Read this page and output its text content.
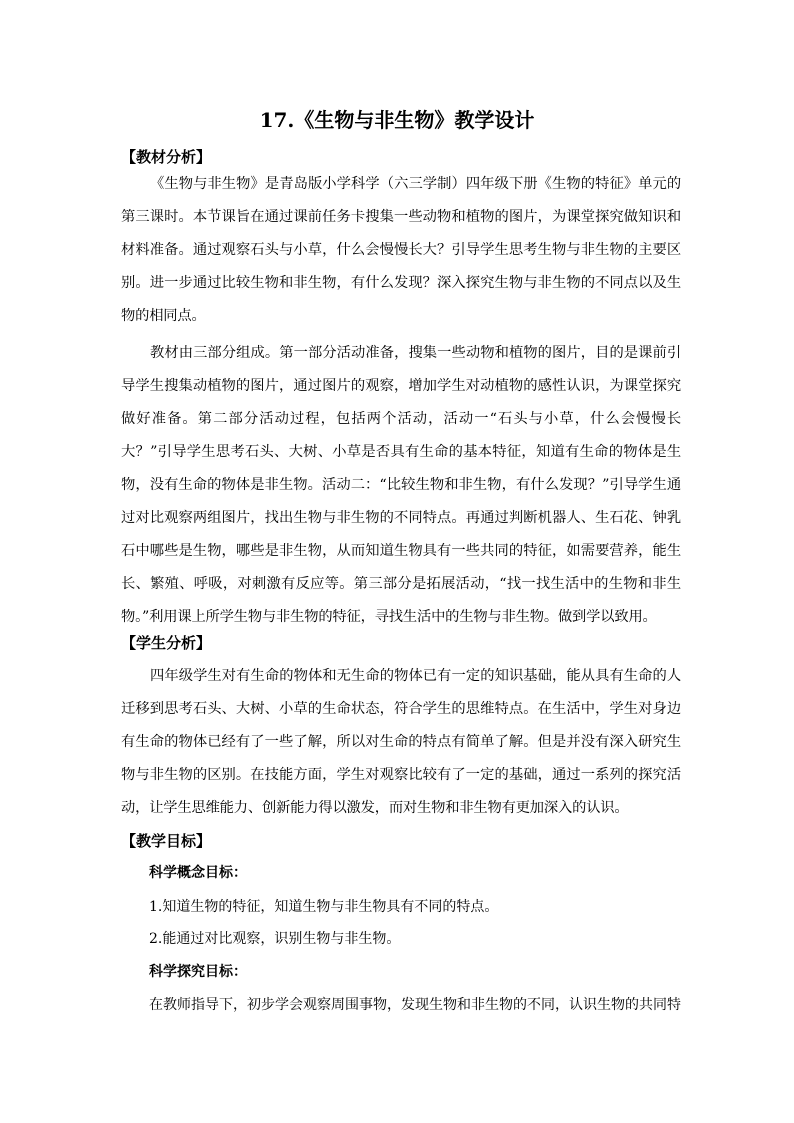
17.《生物与非生物》教学设计
【教材分析】
《生物与非生物》是青岛版小学科学（六三学制）四年级下册《生物的特征》单元的第三课时。本节课旨在通过课前任务卡搜集一些动物和植物的图片，为课堂探究做知识和材料准备。通过观察石头与小草，什么会慢慢长大？引导学生思考生物与非生物的主要区别。进一步通过比较生物和非生物，有什么发现？深入探究生物与非生物的不同点以及生物的相同点。
教材由三部分组成。第一部分活动准备，搜集一些动物和植物的图片，目的是课前引导学生搜集动植物的图片，通过图片的观察，增加学生对动植物的感性认识，为课堂探究做好准备。第二部分活动过程，包括两个活动，活动一“石头与小草，什么会慢慢长大？”引导学生思考石头、大树、小草是否具有生命的基本特征，知道有生命的物体是生物，没有生命的物体是非生物。活动二：“比较生物和非生物，有什么发现？”引导学生通过对比观察两组图片，找出生物与非生物的不同特点。再通过判断机器人、生石花、钟乳石中哪些是生物，哪些是非生物，从而知道生物具有一些共同的特征，如需要营养，能生长、繁殖、呼吸，对刺激有反应等。第三部分是拓展活动，“找一找生活中的生物和非生物。”利用课上所学生物与非生物的特征，寻找生活中的生物与非生物。做到学以致用。
【学生分析】
四年级学生对有生命的物体和无生命的物体已有一定的知识基础，能从具有生命的人迁移到思考石头、大树、小草的生命状态，符合学生的思维特点。在生活中，学生对身边有生命的物体已经有了一些了解，所以对生命的特点有简单了解。但是并没有深入研究生物与非生物的区别。在技能方面，学生对观察比较有了一定的基础，通过一系列的探究活动，让学生思维能力、创新能力得以激发，而对生物和非生物有更加深入的认识。
【教学目标】
科学概念目标：
1.知道生物的特征，知道生物与非生物具有不同的特点。
2.能通过对比观察，识别生物与非生物。
科学探究目标：
在教师指导下，初步学会观察周围事物，发现生物和非生物的不同，认识生物的共同特
